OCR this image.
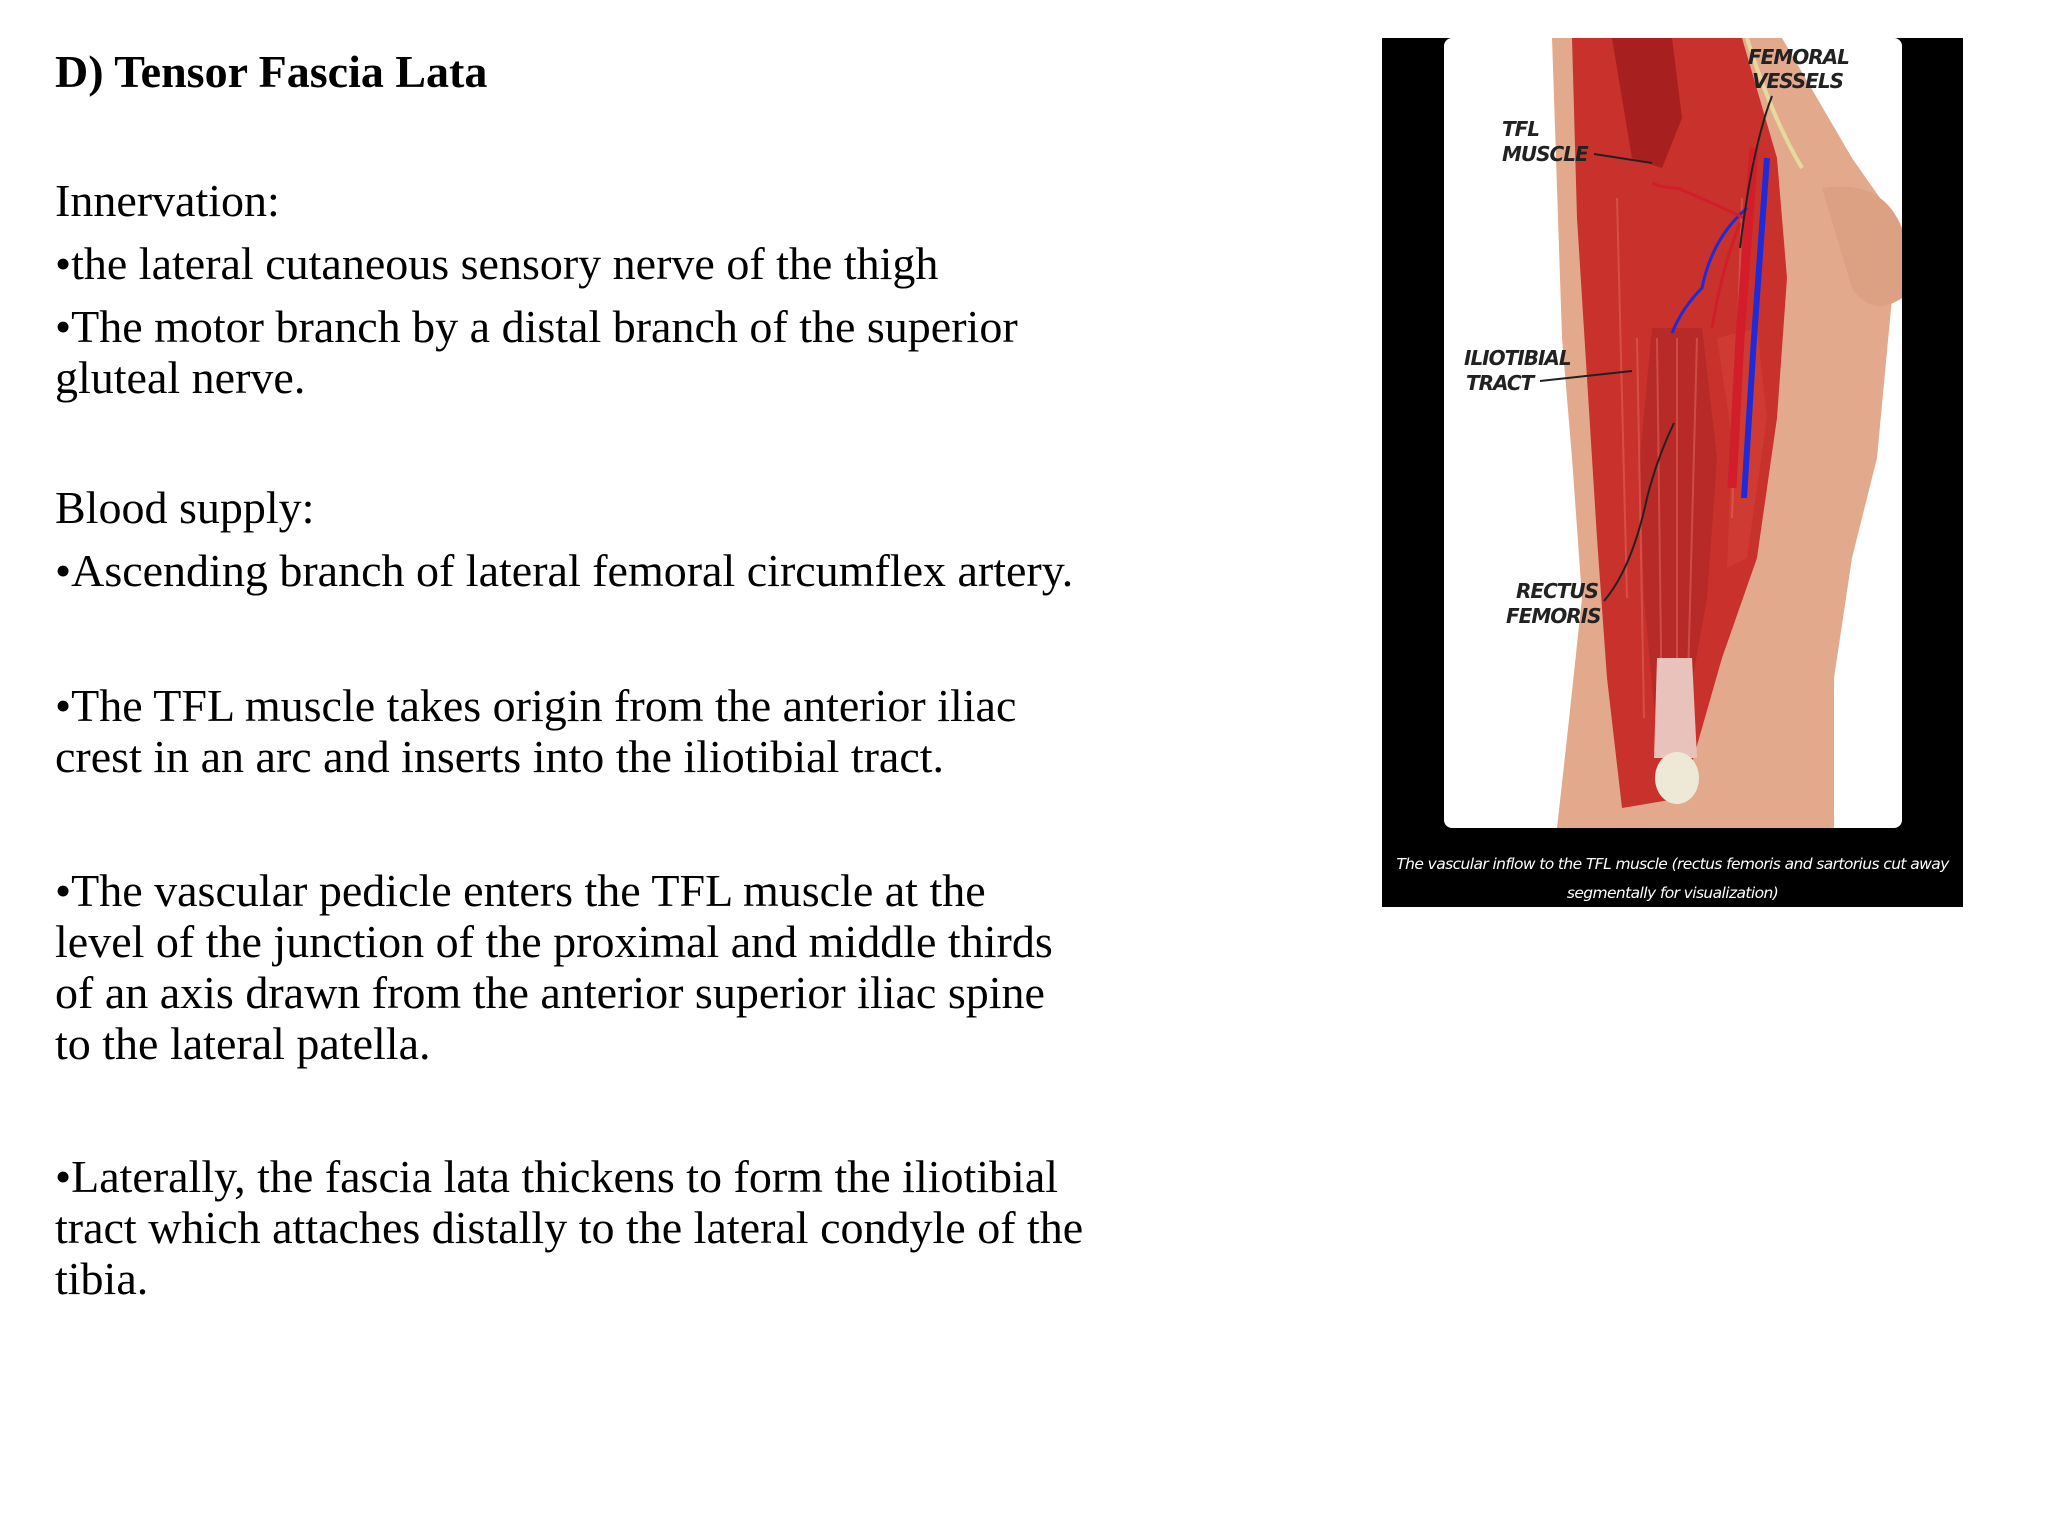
D) Tensor Fascia Lata
Innervation:
•the lateral cutaneous sensory nerve of the thigh
•The motor branch by a distal branch of the superior
gluteal nerve.
Blood supply:
•Ascending branch of lateral femoral circumflex artery.
•The TFL muscle takes origin from the anterior iliac
crest in an arc and inserts into the iliotibial tract.
•The vascular pedicle enters the TFL muscle at the
level of the junction of the proximal and middle thirds
of an axis drawn from the anterior superior iliac spine
to the lateral patella.
•Laterally, the fascia lata thickens to form the iliotibial
tract which attaches distally to the lateral condyle of the
tibia.
FEMORAL
VESSELS
TFL
MUSCLE
ILIOTIBIAL
TRACT
RECTUS
FEMORIS
The vascular inflow to the TFL muscle (rectus femoris and sartorius cut away
segmentally for visualization)
